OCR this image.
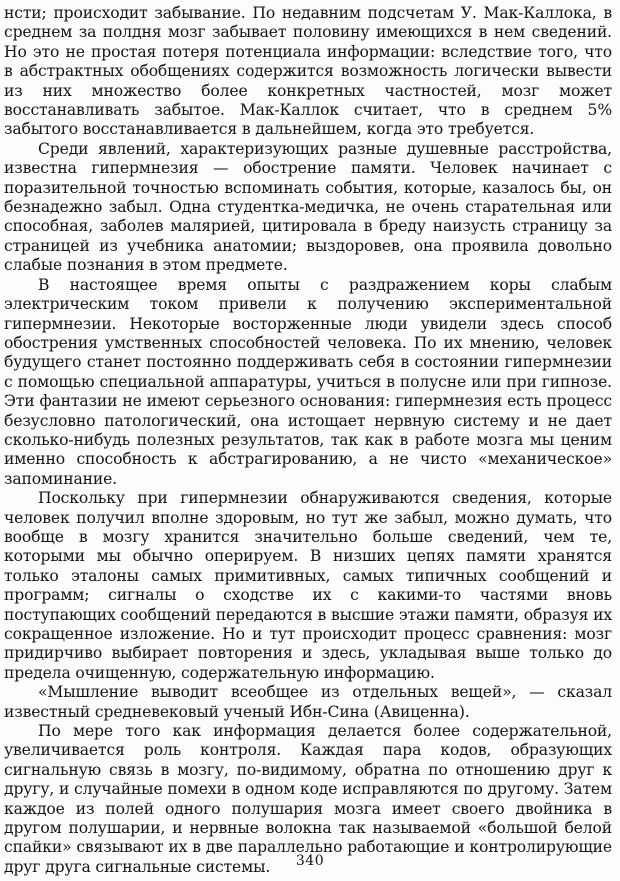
нсти; происходит забывание. По недавним подсчетам У. Мак-Каллока, в среднем за полдня мозг забывает половину имеющихся в нем сведений. Но это не простая потеря потенциала информации: вследствие того, что в абстрактных обобщениях содержится возможность логически вывести из них множество более конкретных частностей, мозг может восстанавливать забытое. Мак-Каллок считает, что в среднем 5% забытого восстанавливается в дальнейшем, когда это требуется.

Среди явлений, характеризующих разные душевные расстройства, известна гипермнезия — обострение памяти. Человек начинает с поразительной точностью вспоминать события, которые, казалось бы, он безнадежно забыл. Одна студентка-медичка, не очень старательная или способная, заболев малярией, цитировала в бреду наизусть страницу за страницей из учебника анатомии; выздоровев, она проявила довольно слабые познания в этом предмете.

В настоящее время опыты с раздражением коры слабым электрическим током привели к получению экспериментальной гипермнезии. Некоторые восторженные люди увидели здесь способ обострения умственных способностей человека. По их мнению, человек будущего станет постоянно поддерживать себя в состоянии гипермнезии с помощью специальной аппаратуры, учиться в полусне или при гипнозе. Эти фантазии не имеют серьезного основания: гипермнезия есть процесс безусловно патологический, она истощает нервную систему и не дает сколько-нибудь полезных результатов, так как в работе мозга мы ценим именно способность к абстрагированию, а не чисто «механическое» запоминание.

Поскольку при гипермнезии обнаруживаются сведения, которые человек получил вполне здоровым, но тут же забыл, можно думать, что вообще в мозгу хранится значительно больше сведений, чем те, которыми мы обычно оперируем. В низших цепях памяти хранятся только эталоны самых примитивных, самых типичных сообщений и программ; сигналы о сходстве их с какими-то частями вновь поступающих сообщений передаются в высшие этажи памяти, образуя их сокращенное изложение. Но и тут происходит процесс сравнения: мозг придирчиво выбирает повторения и здесь, укладывая выше только до предела очищенную, содержательную информацию.

«Мышление выводит всеобщее из отдельных вещей», — сказал известный средневековый ученый Ибн-Сина (Авиценна).

По мере того как информация делается более содержательной, увеличивается роль контроля. Каждая пара кодов, образующих сигнальную связь в мозгу, по-видимому, обратна по отношению друг к другу, и случайные помехи в одном коде исправляются по другому. Затем каждое из полей одного полушария мозга имеет своего двойника в другом полушарии, и нервные волокна так называемой «большой белой спайки» связывают их в две параллельно работающие и контролирующие друг друга сигнальные системы.	340
